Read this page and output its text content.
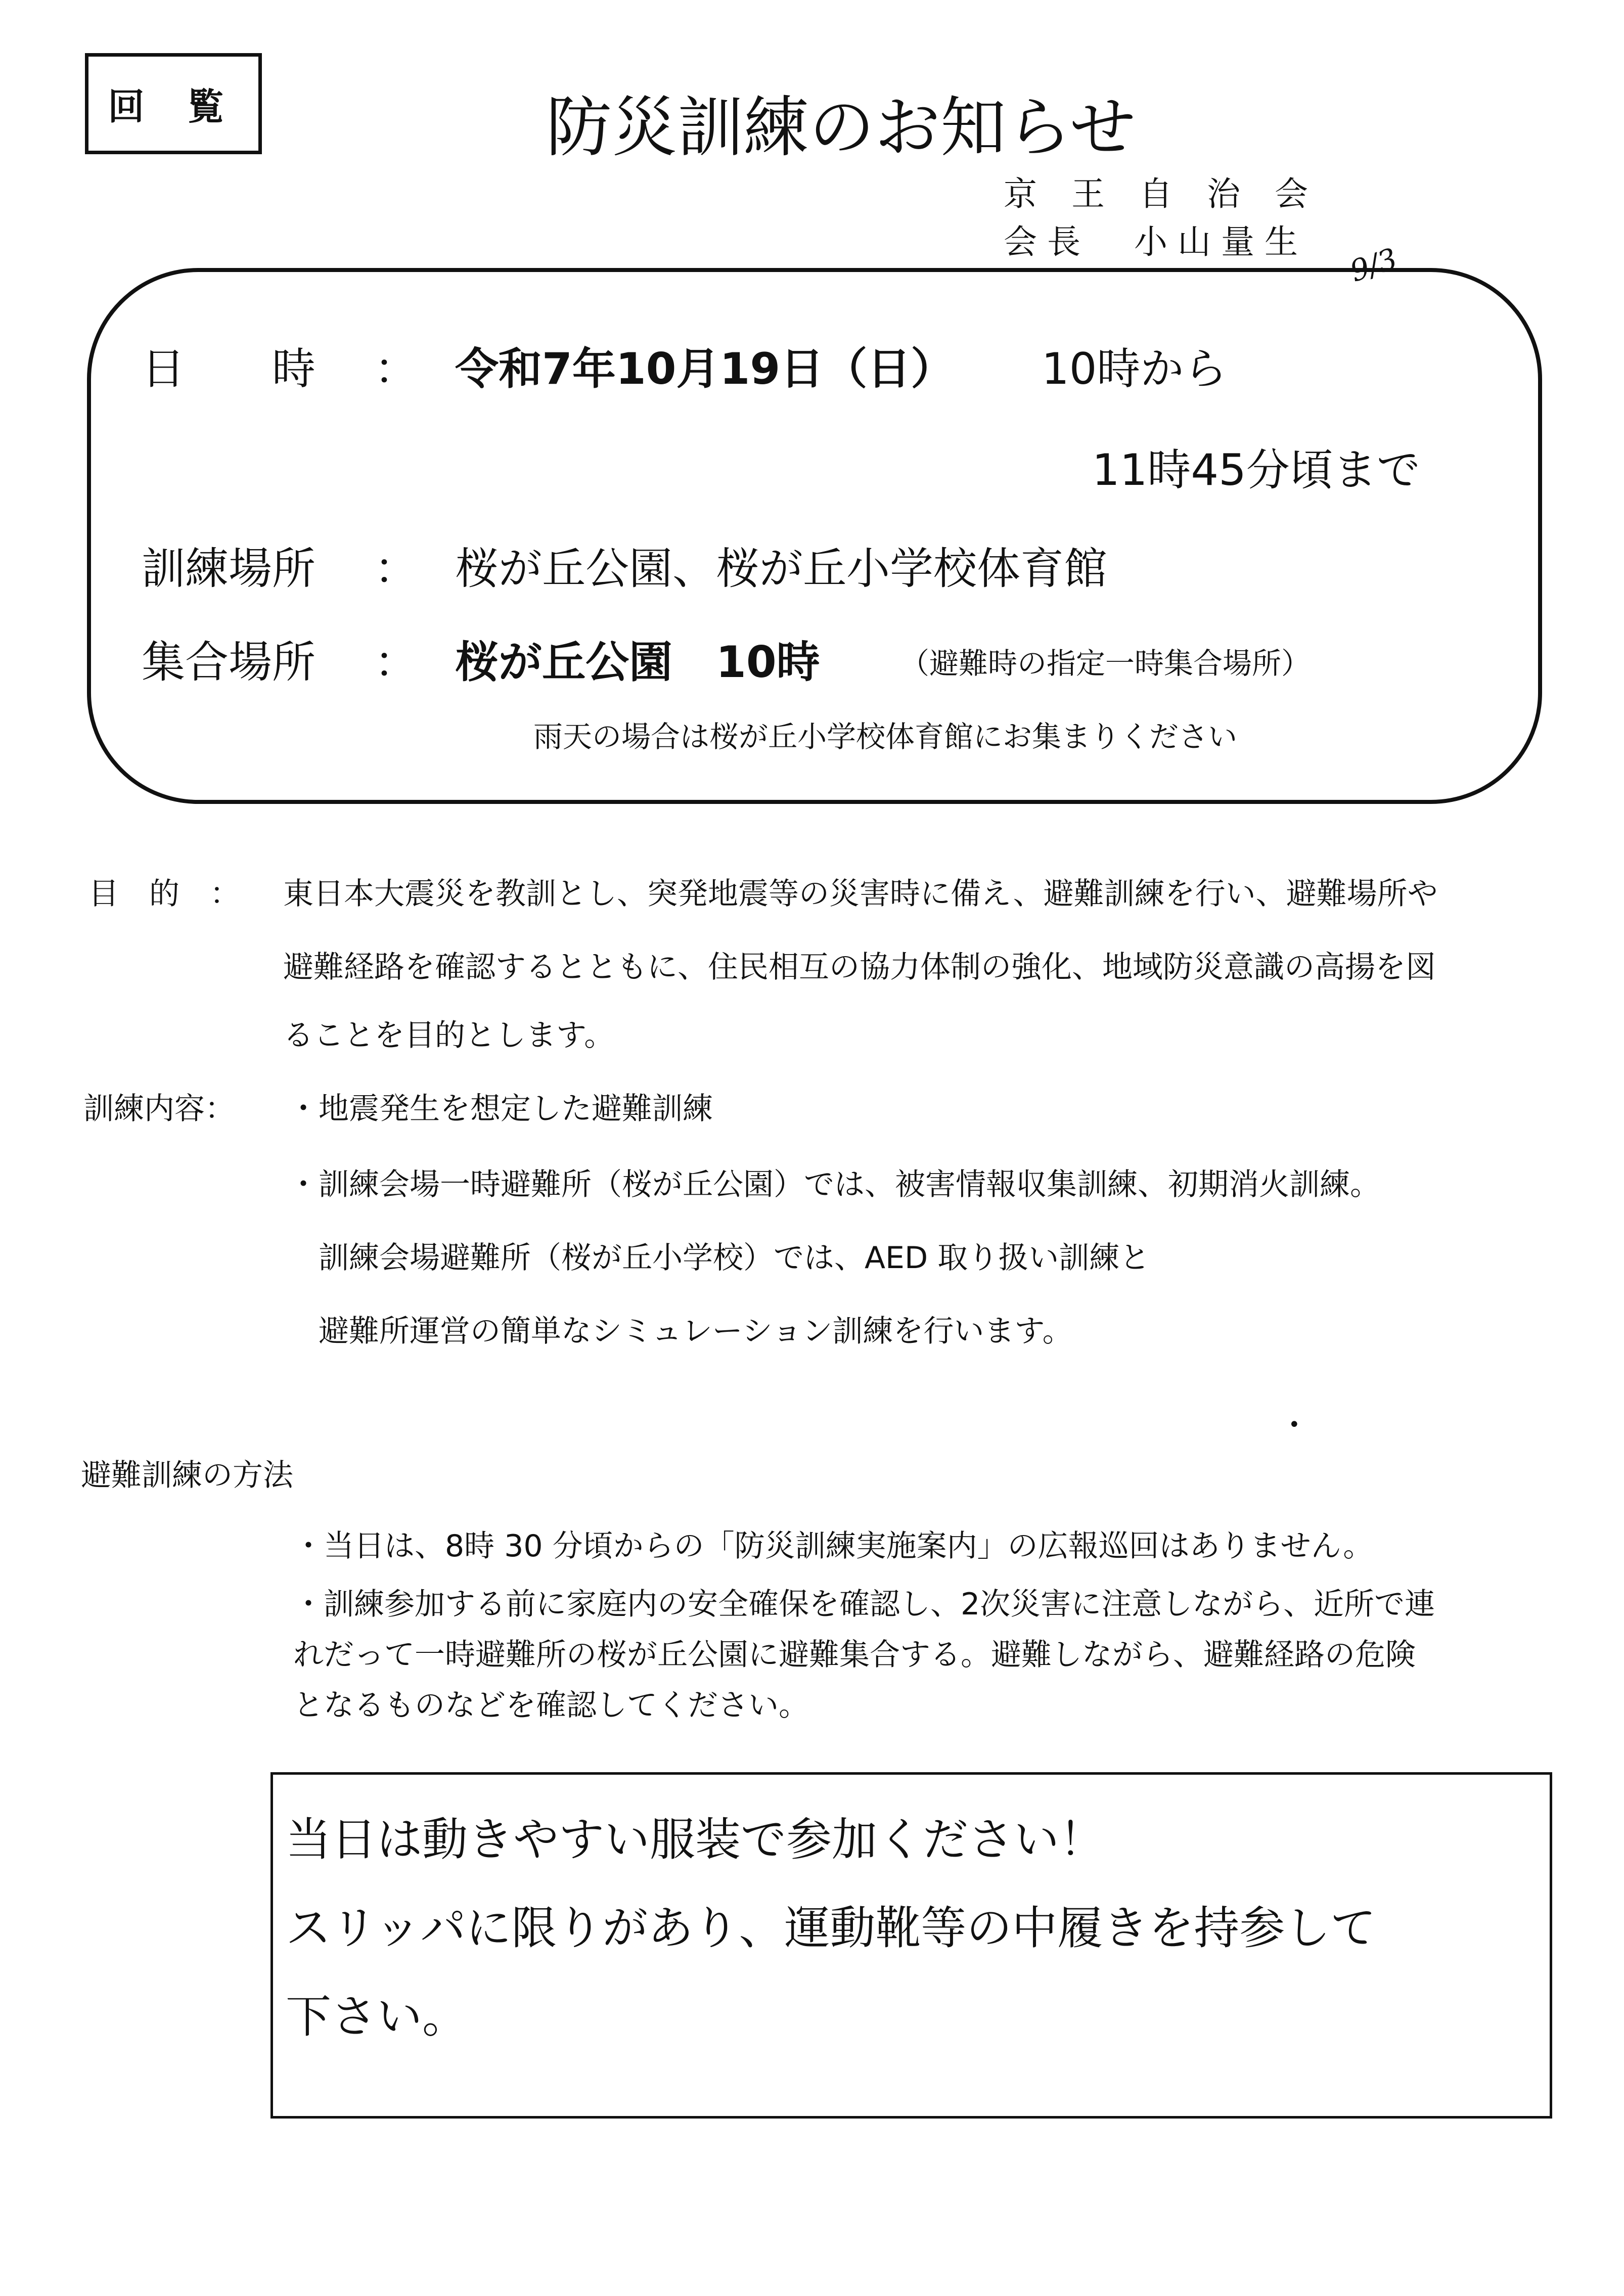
回 覧	防災訓練のお知らせ
京王自治会
会長　小山量生 9/3
日　　時 ： 令和7年10月19日（日） 10時から
11時45分頃まで
訓練場所 ： 桜が丘公園、桜が丘小学校体育館
集合場所 ： 桜が丘公園　10時	（避難時の指定一時集合場所）
雨天の場合は桜が丘小学校体育館にお集まりください
目　的　： 東日本大震災を教訓とし、突発地震等の災害時に備え、避難訓練を行い、避難場所や
避難経路を確認するとともに、住民相互の協力体制の強化、地域防災意識の高揚を図
ることを目的とします。
訓練内容： ・地震発生を想定した避難訓練
・訓練会場一時避難所（桜が丘公園）では、被害情報収集訓練、初期消火訓練。
訓練会場避難所（桜が丘小学校）では、AED 取り扱い訓練と
避難所運営の簡単なシミュレーション訓練を行います。
•
避難訓練の方法
・当日は、8時 30 分頃からの「防災訓練実施案内」の広報巡回はありません。
・訓練参加する前に家庭内の安全確保を確認し、2次災害に注意しながら、近所で連
れだって一時避難所の桜が丘公園に避難集合する。避難しながら、避難経路の危険
となるものなどを確認してください。
当日は動きやすい服装で参加ください！
スリッパに限りがあり、運動靴等の中履きを持参して
下さい。
